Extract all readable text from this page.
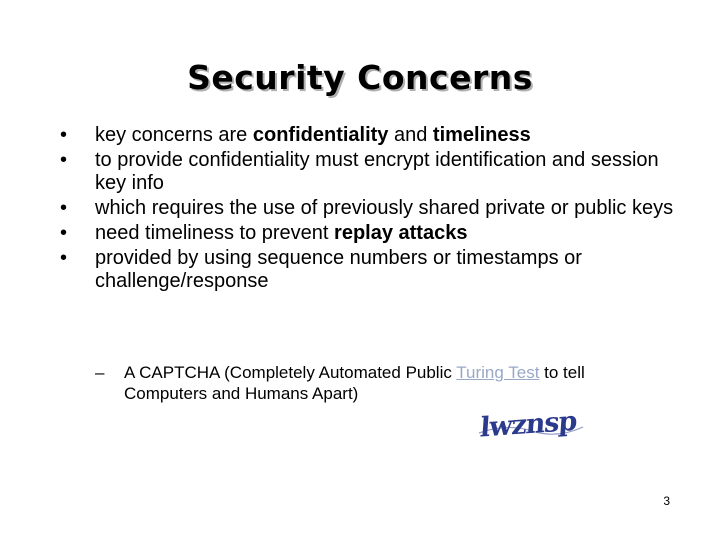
Security Concerns
• key concerns are confidentiality and timeliness
• to provide confidentiality must encrypt identification and session key info
• which requires the use of previously shared private or public keys
• need timeliness to prevent replay attacks
• provided by using sequence numbers or timestamps or challenge/response
– A CAPTCHA (Completely Automated Public Turing Test to tell Computers and Humans Apart)
lwznsp
3
